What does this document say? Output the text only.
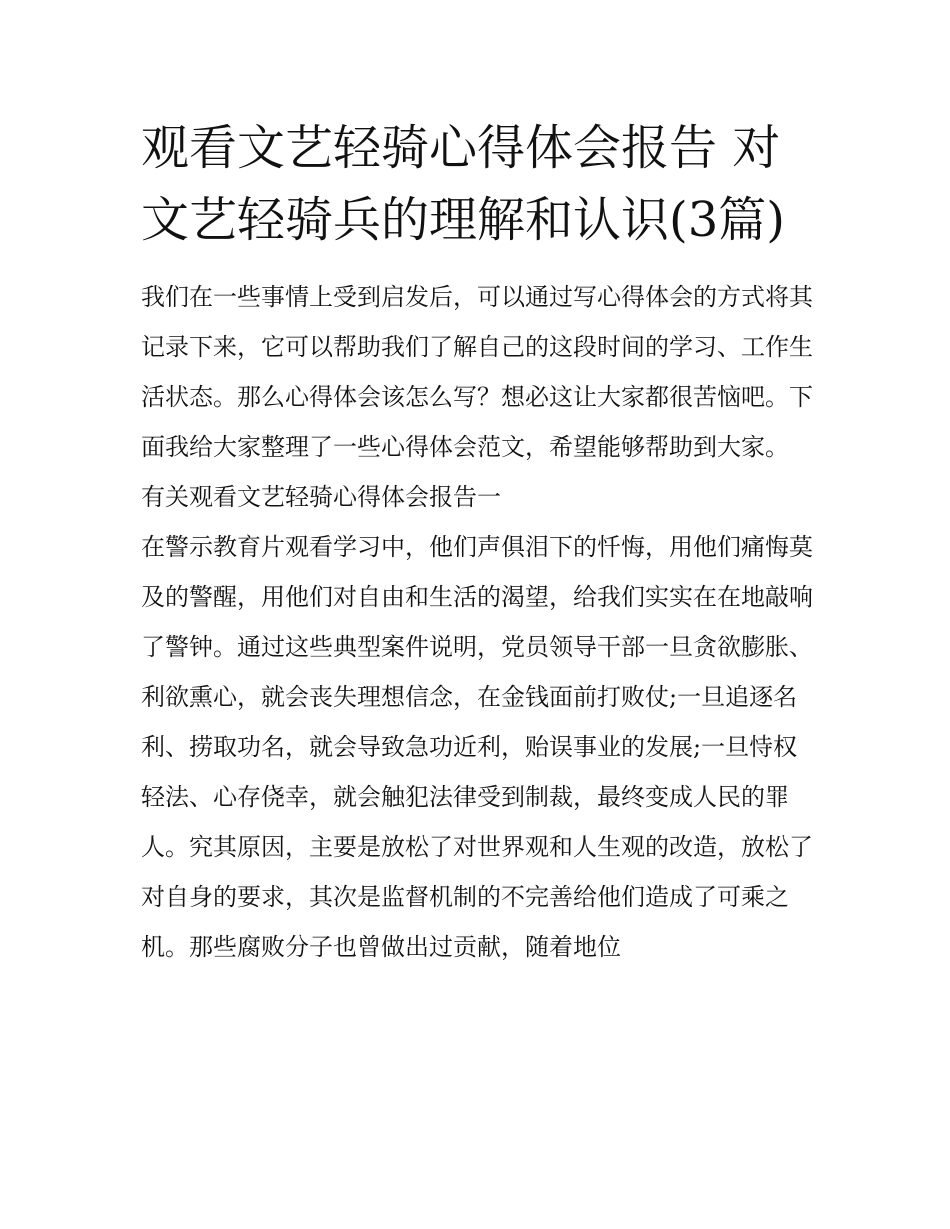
观看文艺轻骑心得体会报告 对文艺轻骑兵的理解和认识(3篇)

我们在一些事情上受到启发后，可以通过写心得体会的方式将其记录下来，它可以帮助我们了解自己的这段时间的学习、工作生活状态。那么心得体会该怎么写？想必这让大家都很苦恼吧。下面我给大家整理了一些心得体会范文，希望能够帮助到大家。

有关观看文艺轻骑心得体会报告一

在警示教育片观看学习中，他们声俱泪下的忏悔，用他们痛悔莫及的警醒，用他们对自由和生活的渴望，给我们实实在在地敲响了警钟。通过这些典型案件说明，党员领导干部一旦贪欲膨胀、利欲熏心，就会丧失理想信念，在金钱面前打败仗;一旦追逐名利、捞取功名，就会导致急功近利，贻误事业的发展;一旦恃权轻法、心存侥幸，就会触犯法律受到制裁，最终变成人民的罪人。究其原因，主要是放松了对世界观和人生观的改造，放松了对自身的要求，其次是监督机制的不完善给他们造成了可乘之机。那些腐败分子也曾做出过贡献，随着地位
